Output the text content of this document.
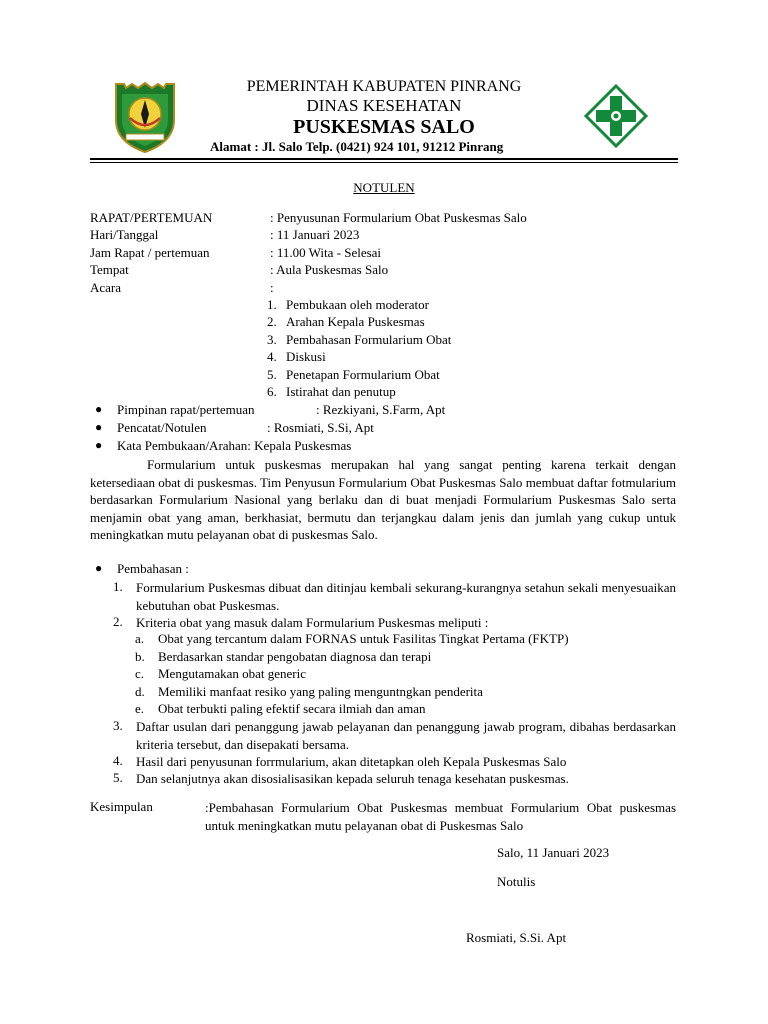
PEMERINTAH KABUPATEN PINRANG
DINAS KESEHATAN
PUSKESMAS SALO
Alamat : Jl. Salo Telp. (0421) 924 101, 91212 Pinrang
NOTULEN
RAPAT/PERTEMUAN	: Penyusunan Formularium Obat Puskesmas Salo
Hari/Tanggal	: 11 Januari 2023
Jam Rapat / pertemuan	: 11.00 Wita - Selesai
Tempat	: Aula Puskesmas Salo
Acara	:
1. Pembukaan oleh moderator
2. Arahan Kepala Puskesmas
3. Pembahasan Formularium Obat
4. Diskusi
5. Penetapan Formularium Obat
6. Istirahat dan penutup
● Pimpinan rapat/pertemuan	: Rezkiyani, S.Farm, Apt
● Pencatat/Notulen	: Rosmiati, S.Si, Apt
● Kata Pembukaan/Arahan: Kepala Puskesmas
Formularium untuk puskesmas merupakan hal yang sangat penting karena terkait dengan ketersediaan obat di puskesmas. Tim Penyusun Formularium Obat Puskesmas Salo membuat daftar fotmularium berdasarkan Formularium Nasional yang berlaku dan di buat menjadi Formularium Puskesmas Salo serta menjamin obat yang aman, berkhasiat, bermutu dan terjangkau dalam jenis dan jumlah yang cukup untuk meningkatkan mutu pelayanan obat di puskesmas Salo.
● Pembahasan :
1. Formularium Puskesmas dibuat dan ditinjau kembali sekurang-kurangnya setahun sekali menyesuaikan kebutuhan obat Puskesmas.
2. Kriteria obat yang masuk dalam Formularium Puskesmas meliputi :
a. Obat yang tercantum dalam FORNAS untuk Fasilitas Tingkat Pertama (FKTP)
b. Berdasarkan standar pengobatan diagnosa dan terapi
c. Mengutamakan obat generic
d. Memiliki manfaat resiko yang paling menguntngkan penderita
e. Obat terbukti paling efektif secara ilmiah dan aman
3. Daftar usulan dari penanggung jawab pelayanan dan penanggung jawab program, dibahas berdasarkan kriteria tersebut, dan disepakati bersama.
4. Hasil dari penyusunan forrmularium, akan ditetapkan oleh Kepala Puskesmas Salo
5. Dan selanjutnya akan disosialisasikan kepada seluruh tenaga kesehatan puskesmas.
Kesimpulan	:Pembahasan Formularium Obat Puskesmas membuat Formularium Obat puskesmas untuk meningkatkan mutu pelayanan obat di Puskesmas Salo
Salo, 11 Januari 2023
Notulis
Rosmiati, S.Si. Apt
